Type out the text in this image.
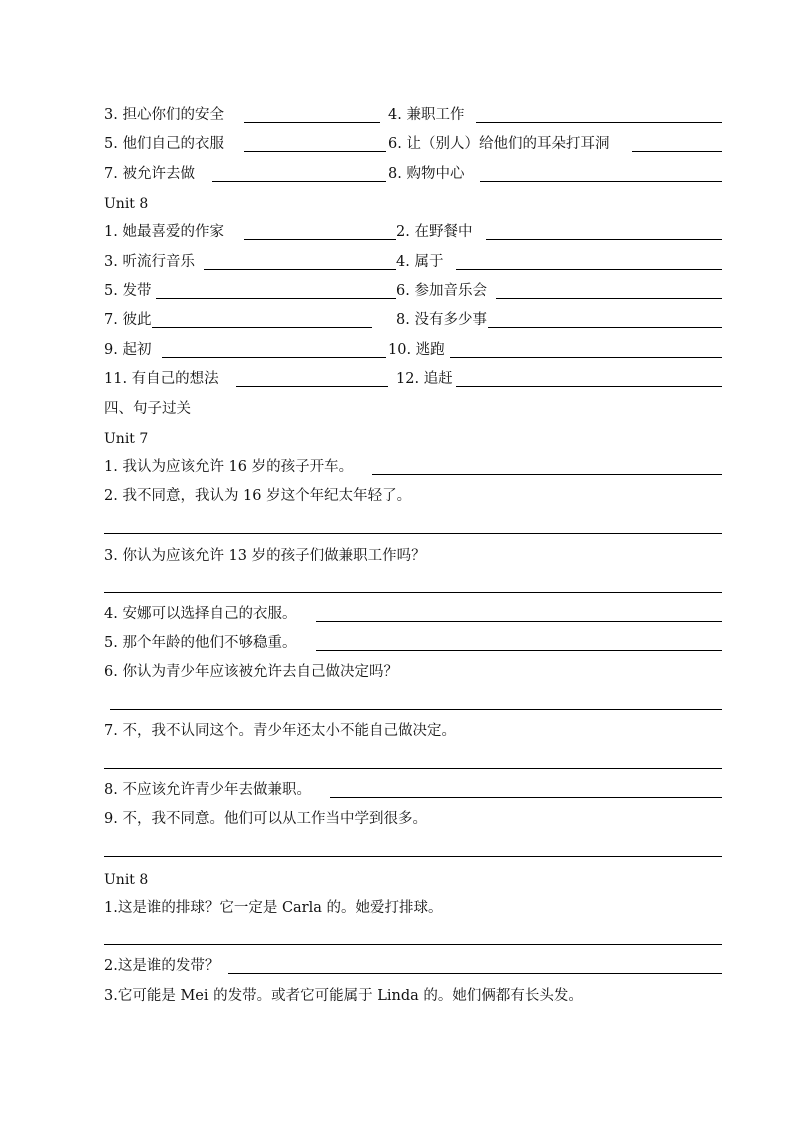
3. 担心你们的安全	4. 兼职工作
5. 他们自己的衣服	6. 让（别人）给他们的耳朵打耳洞
7. 被允许去做	8. 购物中心
Unit 8
1. 她最喜爱的作家	2. 在野餐中
3. 听流行音乐	4. 属于
5. 发带	6. 参加音乐会
7. 彼此	8. 没有多少事
9. 起初	10. 逃跑
11. 有自己的想法	12. 追赶
四、句子过关
Unit 7
1. 我认为应该允许 16 岁的孩子开车。
2. 我不同意，我认为 16 岁这个年纪太年轻了。
3. 你认为应该允许 13 岁的孩子们做兼职工作吗？
4. 安娜可以选择自己的衣服。
5. 那个年龄的他们不够稳重。
6. 你认为青少年应该被允许去自己做决定吗？
7. 不，我不认同这个。青少年还太小不能自己做决定。
8. 不应该允许青少年去做兼职。
9. 不，我不同意。他们可以从工作当中学到很多。
Unit 8
1.这是谁的排球？它一定是 Carla 的。她爱打排球。
2.这是谁的发带？
3.它可能是 Mei 的发带。或者它可能属于 Linda 的。她们俩都有长头发。
